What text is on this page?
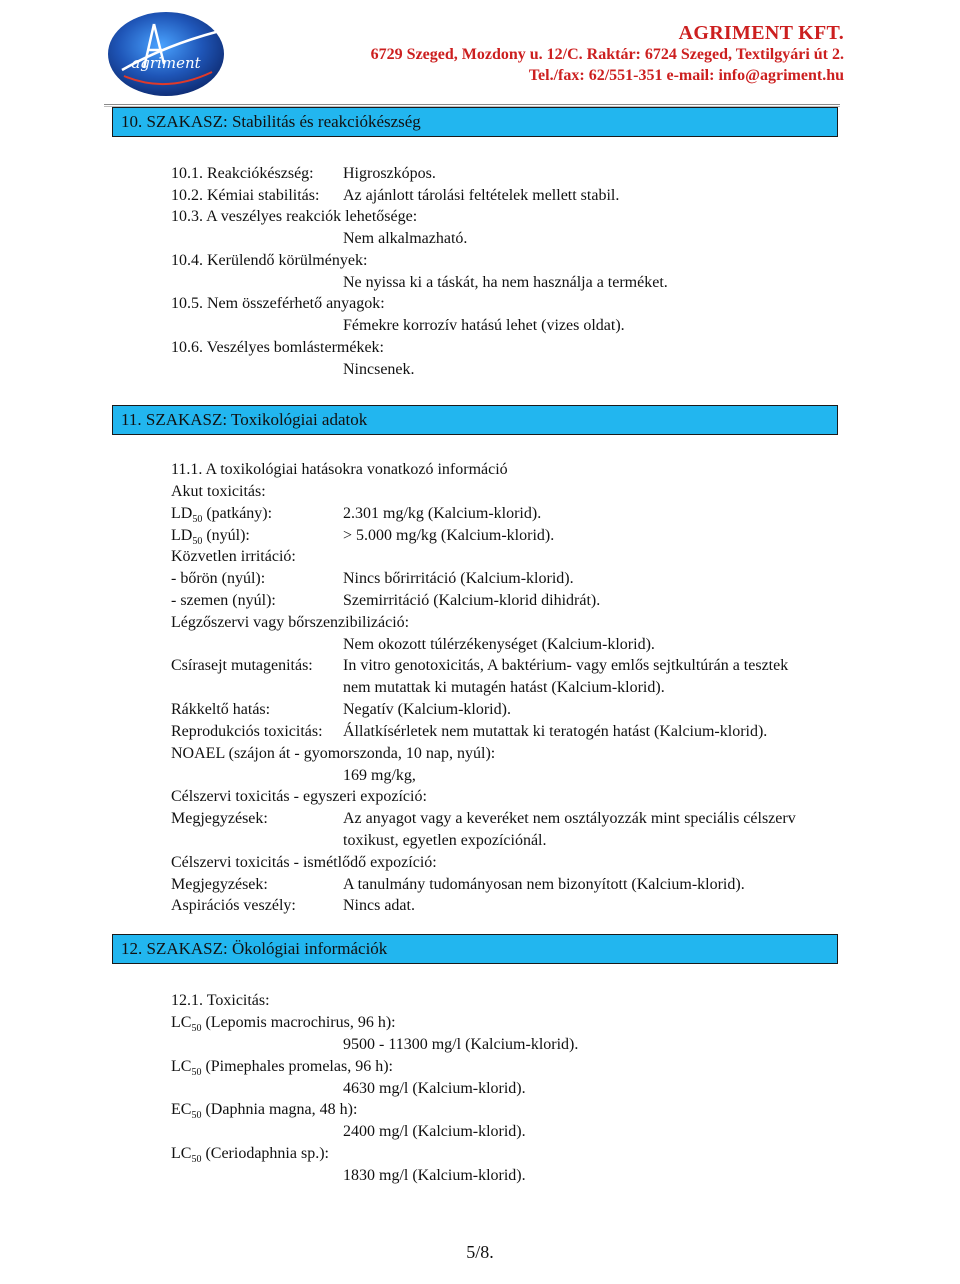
agriment
AGRIMENT KFT.
6729 Szeged, Mozdony u. 12/C. Raktár: 6724 Szeged, Textilgyári út 2.
Tel./fax: 62/551-351 e-mail: info@agriment.hu
10. SZAKASZ: Stabilitás és reakciókészség
10.1. Reakciókészség: Higroszkópos.
10.2. Kémiai stabilitás: Az ajánlott tárolási feltételek mellett stabil.
10.3. A veszélyes reakciók lehetősége:
Nem alkalmazható.
10.4. Kerülendő körülmények:
Ne nyissa ki a táskát, ha nem használja a terméket.
10.5. Nem összeférhető anyagok:
Fémekre korrozív hatású lehet (vizes oldat).
10.6. Veszélyes bomlástermékek:
Nincsenek.
11. SZAKASZ: Toxikológiai adatok
11.1. A toxikológiai hatásokra vonatkozó információ
Akut toxicitás:
$LD_{50}$ (patkány):	2.301 mg/kg (Kalcium-klorid).
$LD_{50}$ (nyúl):	> 5.000 mg/kg (Kalcium-klorid).
Közvetlen irritáció:
- bőrön (nyúl):	Nincs bőrirritáció (Kalcium-klorid).
- szemen (nyúl):	Szemirritáció (Kalcium-klorid dihidrát).
Légzőszervi vagy bőrszenzibilizáció:
Nem okozott túlérzékenységet (Kalcium-klorid).
Csírasejt mutagenitás: In vitro genotoxicitás, A baktérium- vagy emlős sejtkultúrán a tesztek
nem mutattak ki mutagén hatást (Kalcium-klorid).
Rákkeltő hatás:	Negatív (Kalcium-klorid).
Reprodukciós toxicitás: Állatkísérletek nem mutattak ki teratogén hatást (Kalcium-klorid).
NOAEL (szájon át - gyomorszonda, 10 nap, nyúl):
169 mg/kg,
Célszervi toxicitás - egyszeri expozíció:
Megjegyzések:	Az anyagot vagy a keveréket nem osztályozzák mint speciális célszerv
toxikust, egyetlen expozíciónál.
Célszervi toxicitás - ismétlődő expozíció:
Megjegyzések:	A tanulmány tudományosan nem bizonyított (Kalcium-klorid).
Aspirációs veszély:	Nincs adat.
12. SZAKASZ: Ökológiai információk
12.1. Toxicitás:
$LC_{50}$ (Lepomis macrochirus, 96 h):
9500 - 11300 mg/l (Kalcium-klorid).
$LC_{50}$ (Pimephales promelas, 96 h):
4630 mg/l (Kalcium-klorid).
$EC_{50}$ (Daphnia magna, 48 h):
2400 mg/l (Kalcium-klorid).
$LC_{50}$ (Ceriodaphnia sp.):
1830 mg/l (Kalcium-klorid).
5/8.
